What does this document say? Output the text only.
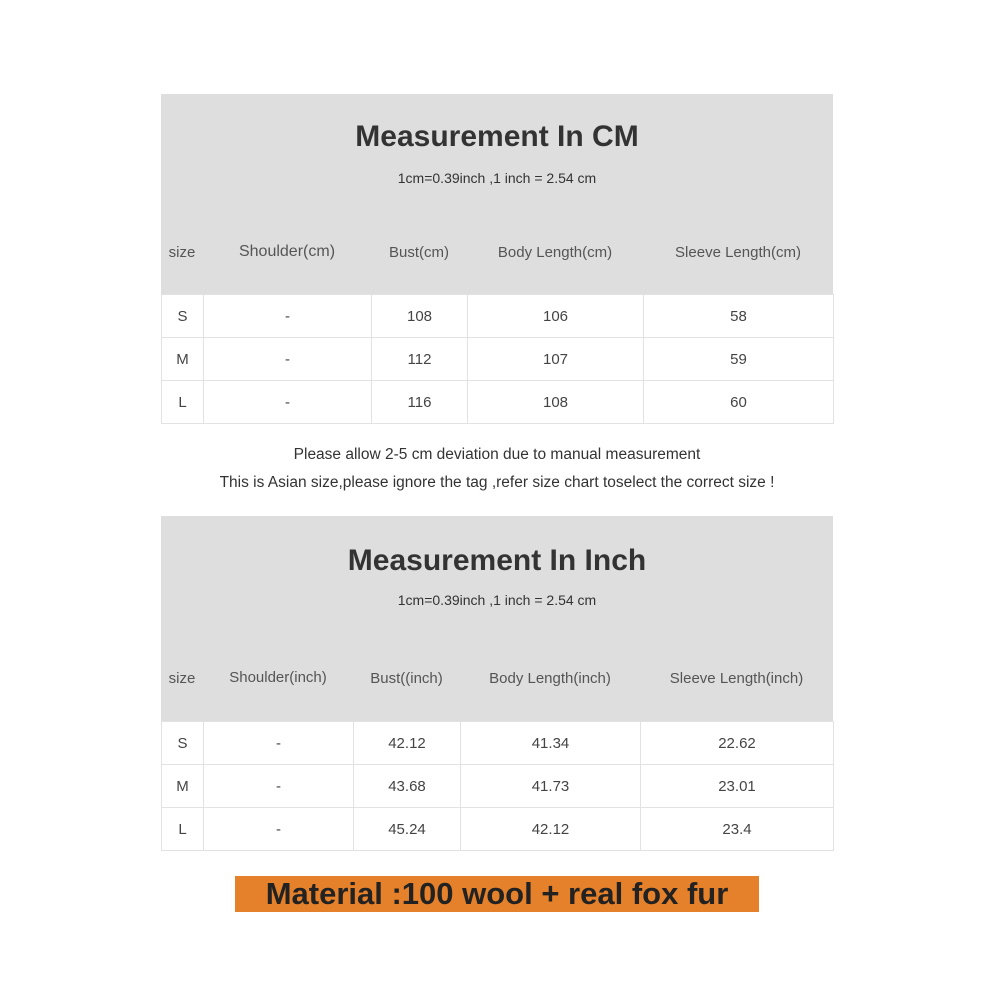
Measurement In CM
1cm=0.39inch ,1 inch = 2.54 cm
size	Shoulder(cm)	Bust(cm)	Body Length(cm)	Sleeve Length(cm)
S	-	108	106	58
M	-	112	107	59
L	-	116	108	60
Please allow 2-5 cm deviation due to manual measurement
This is Asian size,please ignore the tag ,refer size chart toselect the correct size !
Measurement In Inch
1cm=0.39inch ,1 inch = 2.54 cm
size	Shoulder(inch)	Bust((inch)	Body Length(inch)	Sleeve Length(inch)
S	-	42.12	41.34	22.62
M	-	43.68	41.73	23.01
L	-	45.24	42.12	23.4
Material :100 wool + real fox fur
